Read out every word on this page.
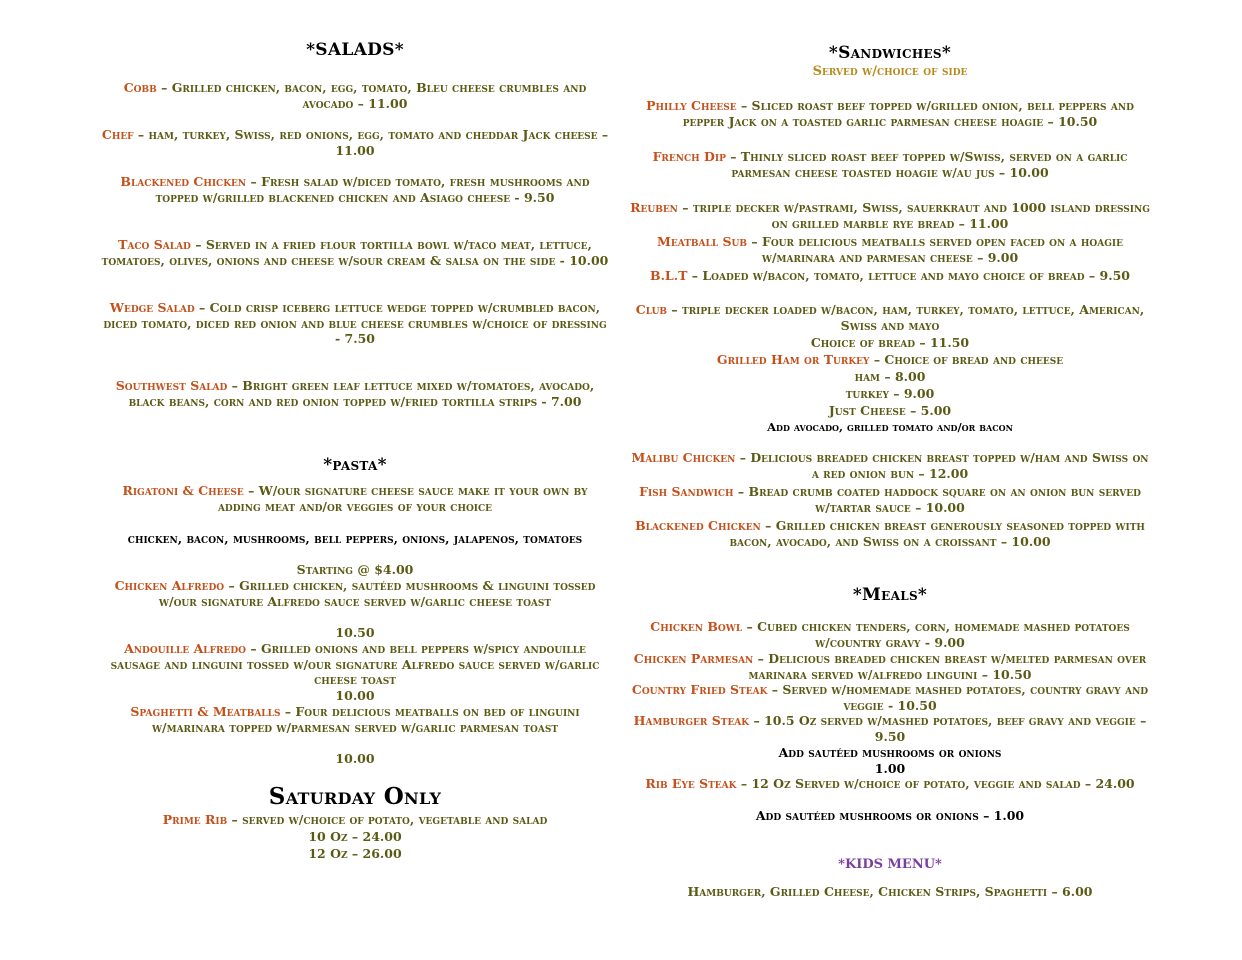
*SALADS*
Cobb – Grilled chicken, bacon, egg, tomato, Bleu cheese crumbles and avocado – 11.00
Chef – ham, turkey, Swiss, red onions, egg, tomato and cheddar Jack cheese – 11.00
Blackened Chicken – Fresh salad w/diced tomato, fresh mushrooms and topped w/grilled blackened chicken and Asiago cheese - 9.50
Taco Salad – Served in a fried flour tortilla bowl w/taco meat, lettuce, tomatoes, olives, onions and cheese w/sour cream & salsa on the side - 10.00
Wedge Salad – Cold crisp iceberg lettuce wedge topped w/crumbled bacon, diced tomato, diced red onion and blue cheese crumbles w/choice of dressing - 7.50
Southwest Salad – Bright green leaf lettuce mixed w/tomatoes, avocado, black beans, corn and red onion topped w/fried tortilla strips - 7.00
*pasta*
Rigatoni & Cheese – W/our signature cheese sauce make it your own by adding meat and/or veggies of your choice
chicken, bacon, mushrooms, bell peppers, onions, jalapenos, tomatoes
Starting @ $4.00
Chicken Alfredo – Grilled chicken, sautéed mushrooms & linguini tossed w/our signature Alfredo sauce served w/garlic cheese toast
10.50
Andouille Alfredo – Grilled onions and bell peppers w/spicy andouille sausage and linguini tossed w/our signature Alfredo sauce served w/garlic cheese toast
10.00
Spaghetti & Meatballs – Four delicious meatballs on bed of linguini w/marinara topped w/parmesan served w/garlic parmesan toast
10.00
Saturday Only
Prime Rib – served w/choice of potato, vegetable and salad
10 Oz – 24.00
12 Oz – 26.00
*Sandwiches*
Served w/choice of side
Philly Cheese – Sliced roast beef topped w/grilled onion, bell peppers and pepper Jack on a toasted garlic parmesan cheese hoagie – 10.50
French Dip – Thinly sliced roast beef topped w/Swiss, served on a garlic parmesan cheese toasted hoagie w/au jus – 10.00
Reuben – triple decker w/pastrami, Swiss, sauerkraut and 1000 island dressing on grilled marble rye bread – 11.00
Meatball Sub – Four delicious meatballs served open faced on a hoagie w/marinara and parmesan cheese – 9.00
B.L.T – Loaded w/bacon, tomato, lettuce and mayo choice of bread – 9.50
Club – triple decker loaded w/bacon, ham, turkey, tomato, lettuce, American, Swiss and mayo
Choice of bread – 11.50
Grilled Ham or Turkey – Choice of bread and cheese
ham – 8.00
turkey – 9.00
Just Cheese – 5.00
Add avocado, grilled tomato and/or bacon
Malibu Chicken – Delicious breaded chicken breast topped w/ham and Swiss on a red onion bun – 12.00
Fish Sandwich – Bread crumb coated haddock square on an onion bun served w/tartar sauce – 10.00
Blackened Chicken – Grilled chicken breast generously seasoned topped with bacon, avocado, and Swiss on a croissant – 10.00
*Meals*
Chicken Bowl – Cubed chicken tenders, corn, homemade mashed potatoes w/country gravy - 9.00
Chicken Parmesan – Delicious breaded chicken breast w/melted parmesan over marinara served w/alfredo linguini – 10.50
Country Fried Steak – Served w/homemade mashed potatoes, country gravy and veggie - 10.50
Hamburger Steak – 10.5 Oz served w/mashed potatoes, beef gravy and veggie – 9.50
Add sautéed mushrooms or onions
1.00
Rib Eye Steak – 12 Oz Served w/choice of potato, veggie and salad – 24.00
Add sautéed mushrooms or onions – 1.00
*KIDS MENU*
Hamburger, Grilled Cheese, Chicken Strips, Spaghetti – 6.00
